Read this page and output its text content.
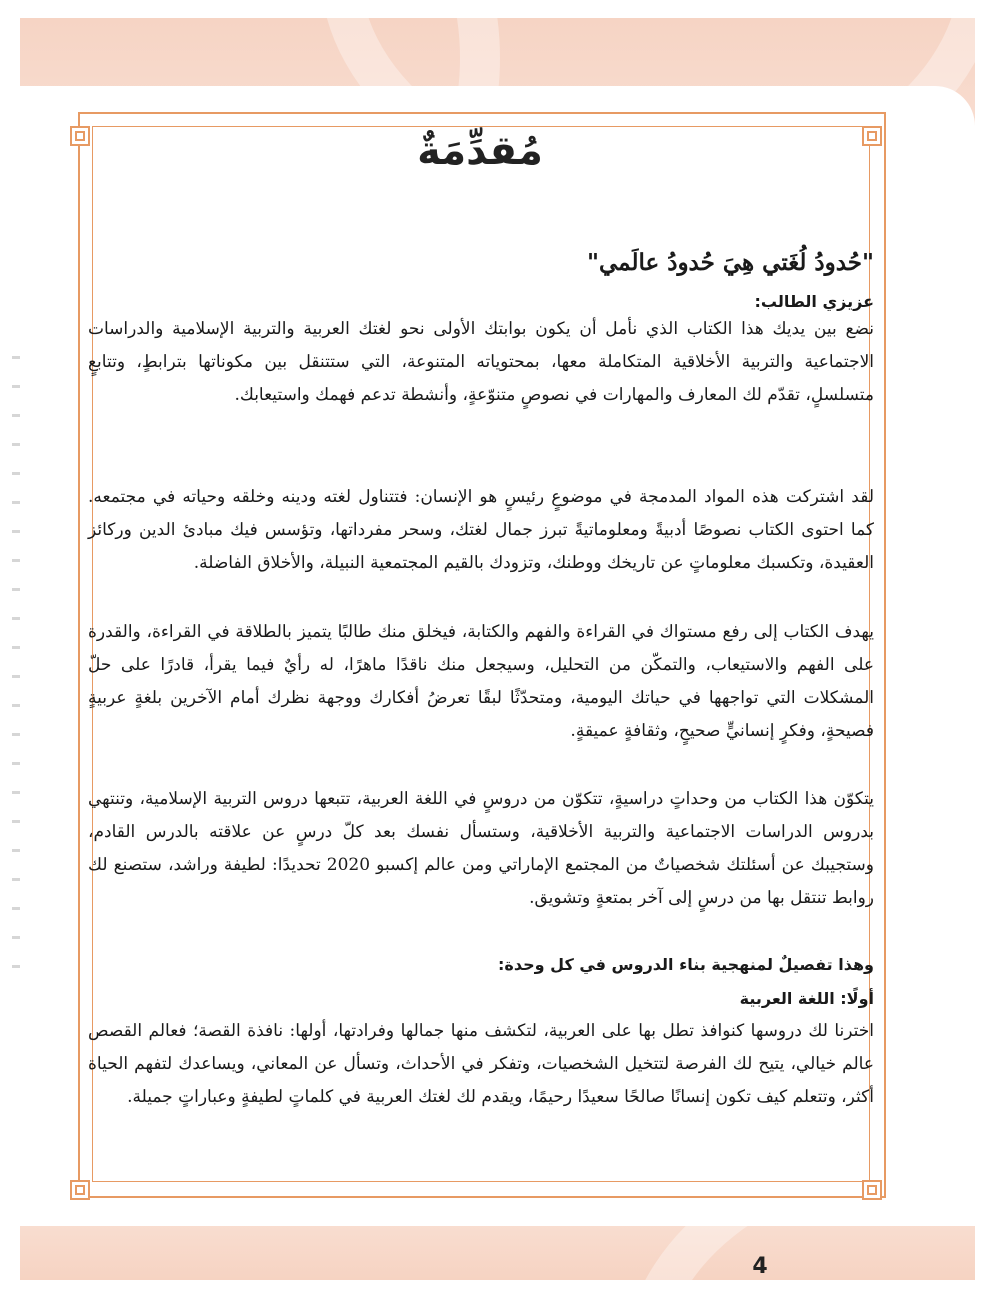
مُقدِّمَةٌ
"حُدودُ لُغَتي هِيَ حُدودُ عالَمي"
عزيزي الطالب:
نضع بين يديك هذا الكتاب الذي نأمل أن يكون بوابتك الأولى نحو لغتك العربية والتربية الإسلامية والدراسات الاجتماعية والتربية الأخلاقية المتكاملة معها، بمحتوياته المتنوعة، التي ستتنقل بين مكوناتها بترابطٍ، وتتابعٍ متسلسلٍ، تقدّم لك المعارف والمهارات في نصوصٍ متنوّعةٍ، وأنشطة تدعم فهمك واستيعابك.
لقد اشتركت هذه المواد المدمجة في موضوعٍ رئيسٍ هو الإنسان: فتتناول لغته ودينه وخلقه وحياته في مجتمعه. كما احتوى الكتاب نصوصًا أدبيةً ومعلوماتيةً تبرز جمال لغتك، وسحر مفرداتها، وتؤسس فيك مبادئ الدين وركائز العقيدة، وتكسبك معلوماتٍ عن تاريخك ووطنك، وتزودك بالقيم المجتمعية النبيلة، والأخلاق الفاضلة.
يهدف الكتاب إلى رفع مستواك في القراءة والفهم والكتابة، فيخلق منك طالبًا يتميز بالطلاقة في القراءة، والقدرة على الفهم والاستيعاب، والتمكّن من التحليل، وسيجعل منك ناقدًا ماهرًا، له رأيٌ فيما يقرأ، قادرًا على حلّ المشكلات التي تواجهها في حياتك اليومية، ومتحدّثًا لبقًا تعرضُ أفكارك ووجهة نظرك أمام الآخرين بلغةٍ عربيةٍ فصيحةٍ، وفكرٍ إنسانيٍّ صحيحٍ، وثقافةٍ عميقةٍ.
يتكوّن هذا الكتاب من وحداتٍ دراسيةٍ، تتكوّن من دروسٍ في اللغة العربية، تتبعها دروس التربية الإسلامية، وتنتهي بدروس الدراسات الاجتماعية والتربية الأخلاقية، وستسأل نفسك بعد كلّ درسٍ عن علاقته بالدرس القادم، وستجيبك عن أسئلتك شخصياتٌ من المجتمع الإماراتي ومن عالم إكسبو 2020 تحديدًا: لطيفة وراشد، ستصنع لك روابط تنتقل بها من درسٍ إلى آخر بمتعةٍ وتشويق.
وهذا تفصيلٌ لمنهجية بناء الدروس في كل وحدة:
أولًا: اللغة العربية
اخترنا لك دروسها كنوافذ تطل بها على العربية، لتكشف منها جمالها وفرادتها، أولها: نافذة القصة؛ فعالم القصص عالم خيالي، يتيح لك الفرصة لتتخيل الشخصيات، وتفكر في الأحداث، وتسأل عن المعاني، ويساعدك لتفهم الحياة أكثر، وتتعلم كيف تكون إنسانًا صالحًا سعيدًا رحيمًا، ويقدم لك لغتك العربية في كلماتٍ لطيفةٍ وعباراتٍ جميلة.
4
